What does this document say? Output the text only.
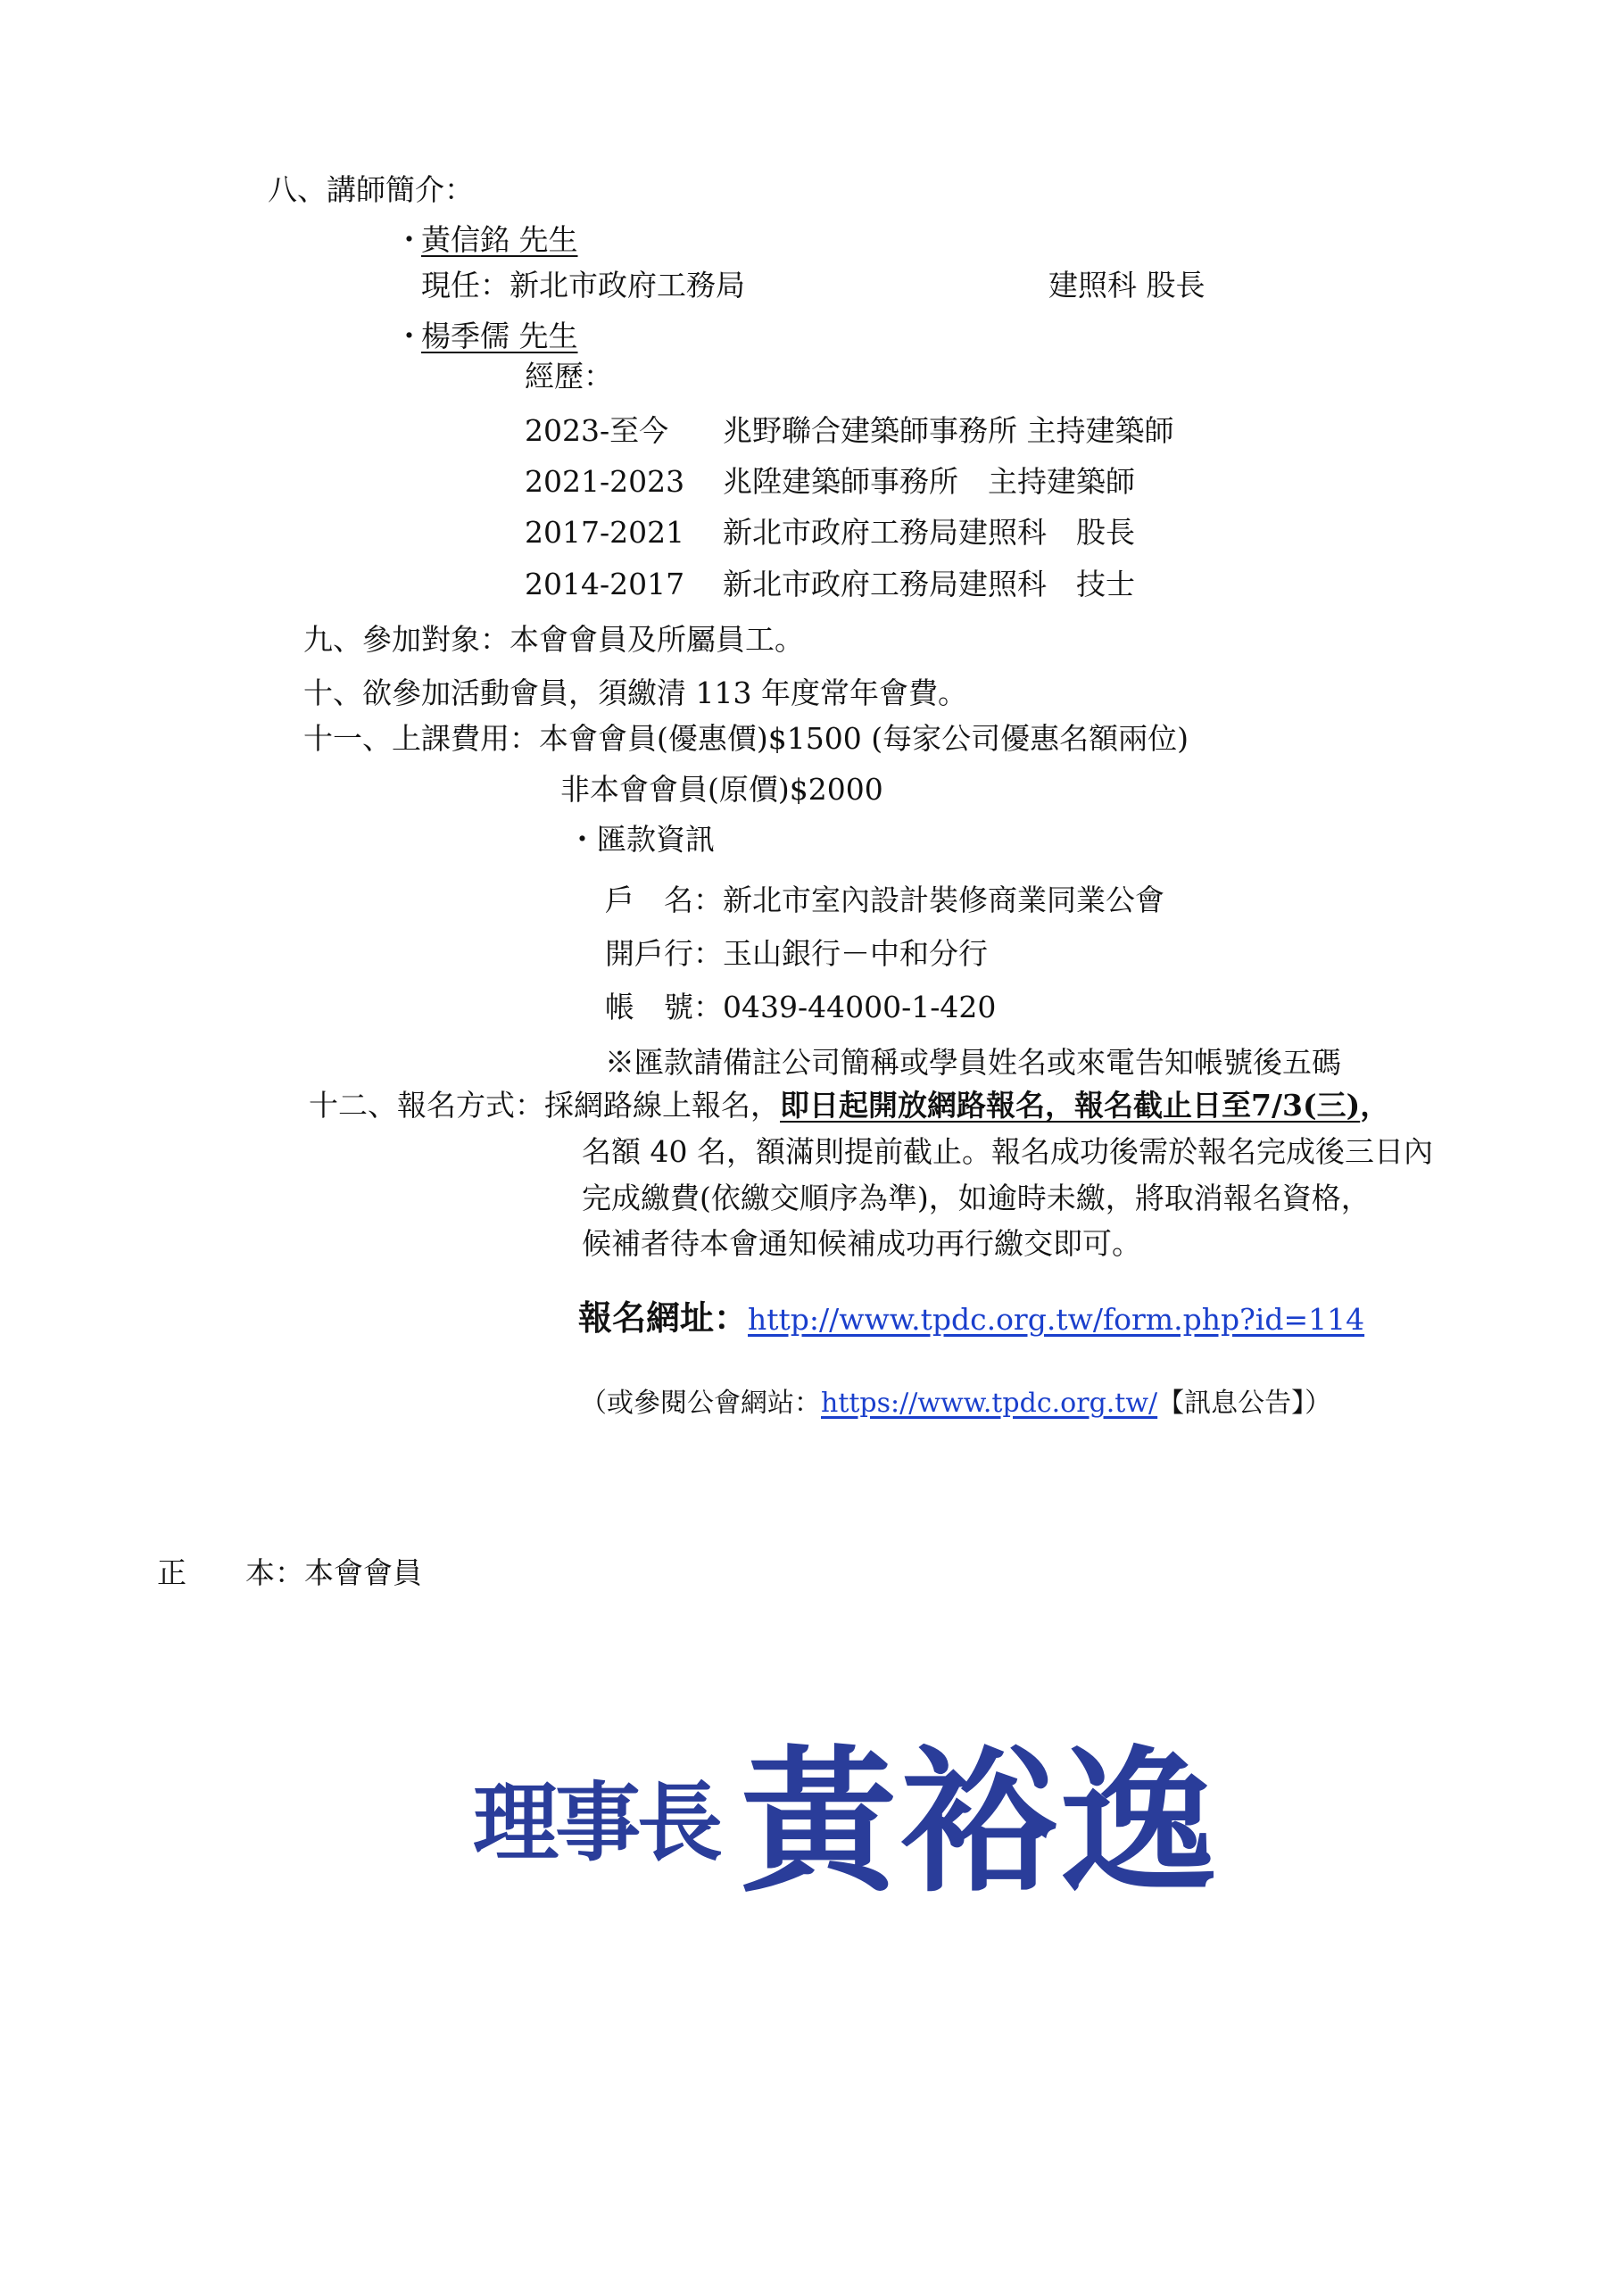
八、講師簡介：
・
黃信銘 先生
現任：新北市政府工務局	建照科 股長
・
楊季儒 先生
經歷：
2023-至今 兆野聯合建築師事務所 主持建築師
2021-2023 兆陞建築師事務所　主持建築師
2017-2021 新北市政府工務局建照科　股長
2014-2017 新北市政府工務局建照科　技士
九、參加對象：本會會員及所屬員工。
十、欲參加活動會員，須繳清 113 年度常年會費。
十一、上課費用：本會會員(優惠價)$1500 (每家公司優惠名額兩位)
非本會會員(原價)$2000
・匯款資訊
戶　名：新北市室內設計裝修商業同業公會
開戶行：玉山銀行－中和分行
帳　號：0439-44000-1-420
※匯款請備註公司簡稱或學員姓名或來電告知帳號後五碼
十二、報名方式：採網路線上報名，即日起開放網路報名，報名截止日至7/3(三)，
名額 40 名，額滿則提前截止。報名成功後需於報名完成後三日內
完成繳費(依繳交順序為準)，如逾時未繳，將取消報名資格，
候補者待本會通知候補成功再行繳交即可。
報名網址：http://www.tpdc.org.tw/form.php?id=114
（或參閱公會網站：https://www.tpdc.org.tw/【訊息公告】）
正　　本：本會會員
理事長 黃裕逸
